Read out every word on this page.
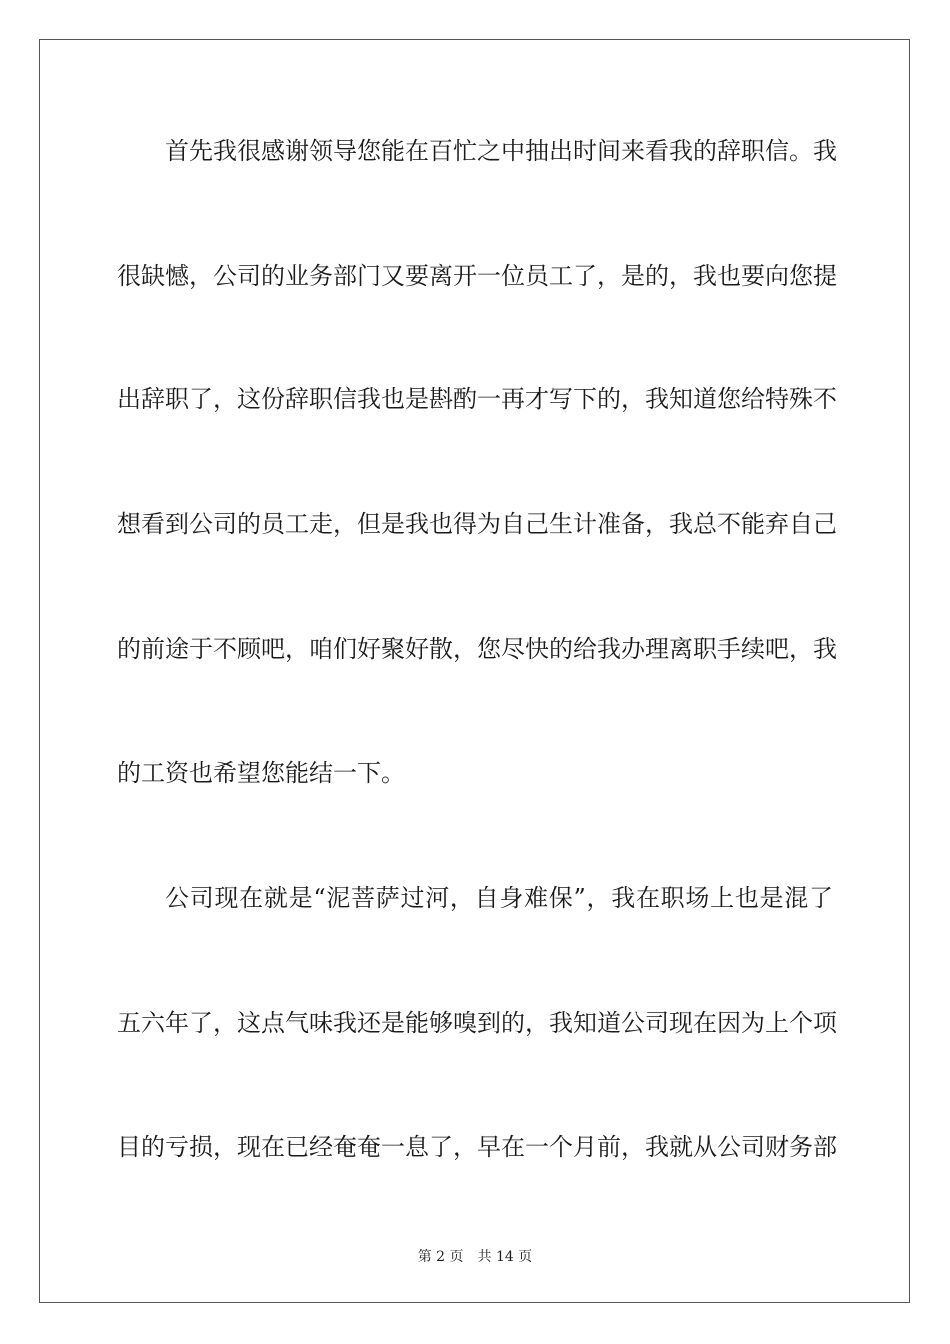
首先我很感谢领导您能在百忙之中抽出时间来看我的辞职信。我
很缺憾，公司的业务部门又要离开一位员工了，是的，我也要向您提
出辞职了，这份辞职信我也是斟酌一再才写下的，我知道您给特殊不
想看到公司的员工走，但是我也得为自己生计准备，我总不能弃自己
的前途于不顾吧，咱们好聚好散，您尽快的给我办理离职手续吧，我
的工资也希望您能结一下。
公司现在就是“泥菩萨过河，自身难保”，我在职场上也是混了
五六年了，这点气味我还是能够嗅到的，我知道公司现在因为上个项
目的亏损，现在已经奄奄一息了，早在一个月前，我就从公司财务部
第 2 页 共 14 页
